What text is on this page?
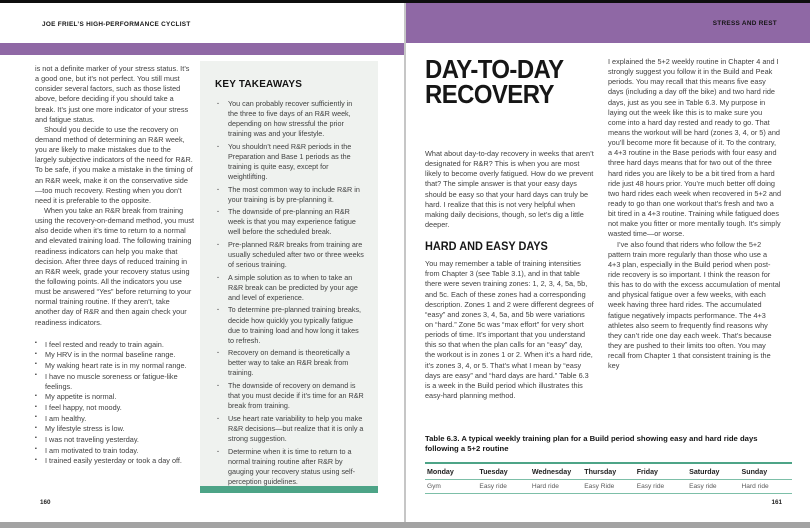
JOE FRIEL’S HIGH-PERFORMANCE CYCLIST

is not a definite marker of your stress status. It’s a good one, but it’s not perfect. You still must consider several factors, such as those listed above, before deciding if you should take a break. It’s just one more indicator of your stress and fatigue status.

Should you decide to use the recovery on demand method of determining an R&R week, you are likely to make mistakes due to the largely subjective indicators of the need for R&R. To be safe, if you make a mistake in the timing of an R&R week, make it on the conservative side—too much recovery. Resting when you don’t need it is preferable to the opposite.

When you take an R&R break from training using the recovery-on-demand method, you must also decide when it’s time to return to a normal and elevated training load. The following training readiness indicators can help you make that decision. After three days of reduced training in an R&R week, grade your recovery status using the following points. All the indicators you use must be answered “Yes” before returning to your normal training routine. If they aren’t, take another day of R&R and then again check your readiness indicators.

▪ I feel rested and ready to train again.
▪ My HRV is in the normal baseline range.
▪ My waking heart rate is in my normal range.
▪ I have no muscle soreness or fatigue-like feelings.
▪ My appetite is normal.
▪ I feel happy, not moody.
▪ I am healthy.
▪ My lifestyle stress is low.
▪ I was not traveling yesterday.
▪ I am motivated to train today.
▪ I trained easily yesterday or took a day off.
KEY TAKEAWAYS
· You can probably recover sufficiently in the three to five days of an R&R week, depending on how stressful the prior training was and your lifestyle.
· You shouldn’t need R&R periods in the Preparation and Base 1 periods as the training is quite easy, except for weightlifting.
· The most common way to include R&R in your training is by pre-planning it.
· The downside of pre-planning an R&R week is that you may experience fatigue well before the scheduled break.
· Pre-planned R&R breaks from training are usually scheduled after two or three weeks of serious training.
· A simple solution as to when to take an R&R break can be predicted by your age and level of experience.
· To determine pre-planned training breaks, decide how quickly you typically fatigue due to training load and how long it takes to refresh.
· Recovery on demand is theoretically a better way to take an R&R break from training.
· The downside of recovery on demand is that you must decide if it’s time for an R&R break from training.
· Use heart rate variability to help you make R&R decisions—but realize that it is only a strong suggestion.
· Determine when it is time to return to a normal training routine after R&R by gauging your recovery status using self-perception guidelines.
160
STRESS AND REST
DAY-TO-DAY
RECOVERY

What about day-to-day recovery in weeks that aren’t designated for R&R? This is when you are most likely to become overly fatigued. How do we prevent that? The simple answer is that your easy days should be easy so that your hard days can truly be hard. I realize that this is not very helpful when making daily decisions, though, so let’s dig a little deeper.

HARD AND EASY DAYS

You may remember a table of training intensities from Chapter 3 (see Table 3.1), and in that table there were seven training zones: 1, 2, 3, 4, 5a, 5b, and 5c. Each of these zones had a corresponding description. Zones 1 and 2 were different degrees of “easy” and zones 3, 4, 5a, and 5b were variations on “hard.” Zone 5c was “max effort” for very short periods of time. It’s important that you understand this so that when the plan calls for an “easy” day, the workout is in zones 1 or 2. When it’s a hard ride, it’s zones 3, 4, or 5. That’s what I mean by “easy days are easy” and “hard days are hard.” Table 6.3 is a week in the Build period which illustrates this easy-hard planning method.

I explained the 5+2 weekly routine in Chapter 4 and I strongly suggest you follow it in the Build and Peak periods. You may recall that this means five easy days (including a day off the bike) and two hard ride days, just as you see in Table 6.3. My purpose in laying out the week like this is to make sure you come into a hard day rested and ready to go. That means the workout will be hard (zones 3, 4, or 5) and you’ll become more fit because of it. To the contrary, a 4+3 routine in the Base periods with four easy and three hard days means that for two out of the three hard rides you are likely to be a bit tired from a hard ride just 48 hours prior. You’re much better off doing two hard rides each week when recovered in 5+2 and ready to go than one workout that’s fresh and two a bit tired in a 4+3 routine. Training while fatigued does not make you fitter or more mentally tough. It’s simply wasted time—or worse.

I’ve also found that riders who follow the 5+2 pattern train more regularly than those who use a 4+3 plan, especially in the Build period when post-ride recovery is so important. I think the reason for this has to do with the excess accumulation of mental and physical fatigue over a few weeks, with each week having three hard rides. The accumulated fatigue negatively impacts performance. The 4+3 athletes also seem to frequently find reasons why they can’t ride one day each week. That’s because they are pushed to their limits too often. You may recall from Chapter 1 that consistent training is the key

Table 6.3. A typical weekly training plan for a Build period showing easy and hard ride days following a 5+2 routine
Monday	Tuesday	Wednesday	Thursday	Friday	Saturday	Sunday
Gym	Easy ride	Hard ride	Easy Ride	Easy ride	Easy ride	Hard ride
161
